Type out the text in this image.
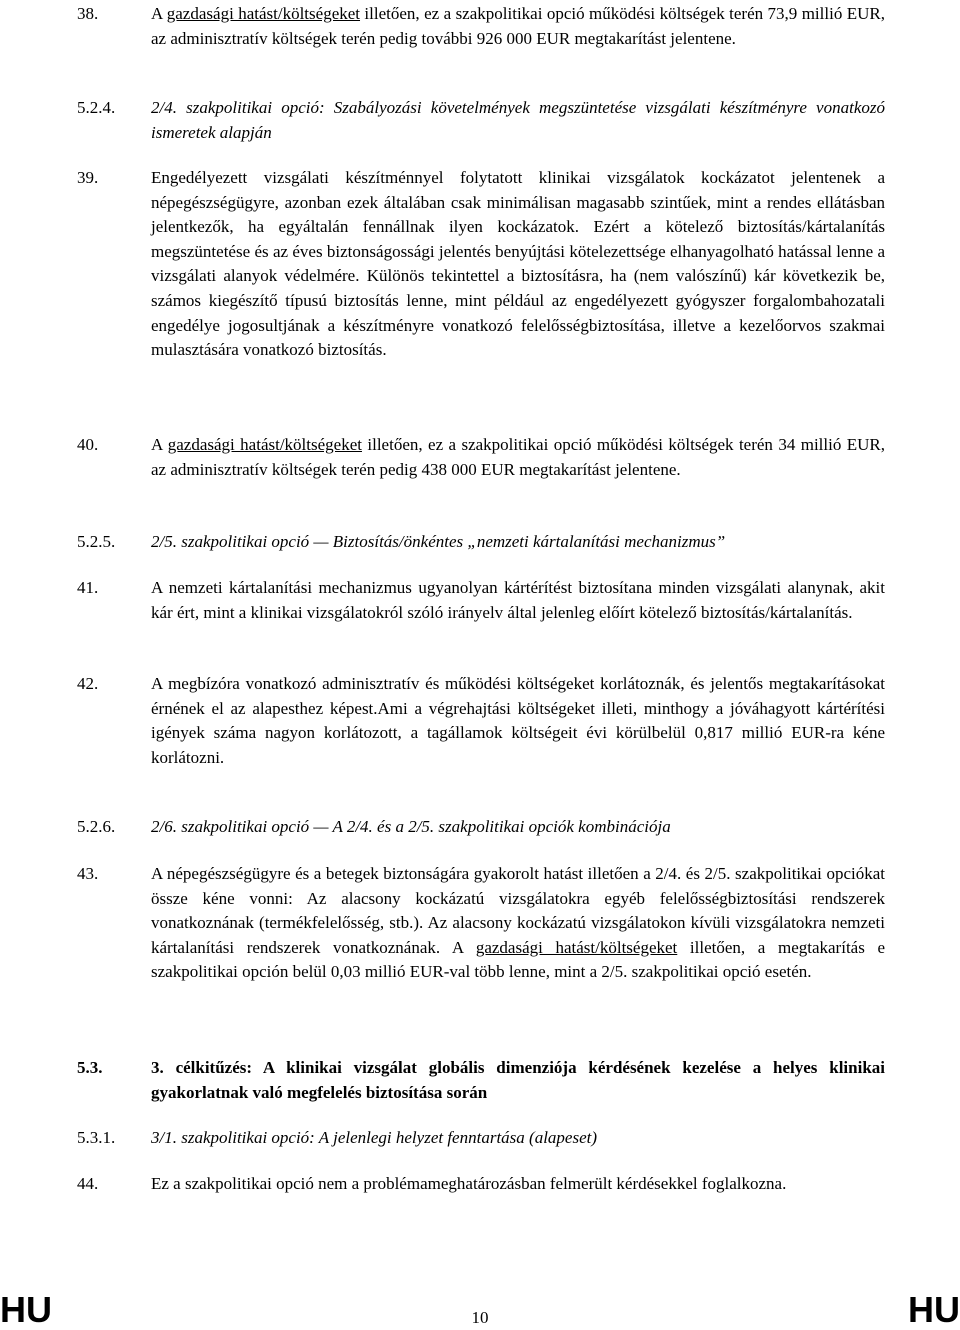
38.	A gazdasági hatást/költségeket illetően, ez a szakpolitikai opció működési költségek terén 73,9 millió EUR, az adminisztratív költségek terén pedig további 926 000 EUR megtakarítást jelentene.
5.2.4.	2/4. szakpolitikai opció: Szabályozási követelmények megszüntetése vizsgálati készítményre vonatkozó ismeretek alapján
39.	Engedélyezett vizsgálati készítménnyel folytatott klinikai vizsgálatok kockázatot jelentenek a népegészségügyre, azonban ezek általában csak minimálisan magasabb szintűek, mint a rendes ellátásban jelentkezők, ha egyáltalán fennállnak ilyen kockázatok. Ezért a kötelező biztosítás/kártalanítás megszüntetése és az éves biztonságossági jelentés benyújtási kötelezettsége elhanyagolható hatással lenne a vizsgálati alanyok védelmére. Különös tekintettel a biztosításra, ha (nem valószínű) kár következik be, számos kiegészítő típusú biztosítás lenne, mint például az engedélyezett gyógyszer forgalombahozatali engedélye jogosultjának a készítményre vonatkozó felelősségbiztosítása, illetve a kezelőorvos szakmai mulasztására vonatkozó biztosítás.
40.	A gazdasági hatást/költségeket illetően, ez a szakpolitikai opció működési költségek terén 34 millió EUR, az adminisztratív költségek terén pedig 438 000 EUR megtakarítást jelentene.
5.2.5.	2/5. szakpolitikai opció — Biztosítás/önkéntes „nemzeti kártalanítási mechanizmus”
41.	A nemzeti kártalanítási mechanizmus ugyanolyan kártérítést biztosítana minden vizsgálati alanynak, akit kár ért, mint a klinikai vizsgálatokról szóló irányelv által jelenleg előírt kötelező biztosítás/kártalanítás.
42.	A megbízóra vonatkozó adminisztratív és működési költségeket korlátoznák, és jelentős megtakarításokat érnének el az alapesthez képest.Ami a végrehajtási költségeket illeti, minthogy a jóváhagyott kártérítési igények száma nagyon korlátozott, a tagállamok költségeit évi körülbelül 0,817 millió EUR-ra kéne korlátozni.
5.2.6.	2/6. szakpolitikai opció — A 2/4. és a 2/5. szakpolitikai opciók kombinációja
43.	A népegészségügyre és a betegek biztonságára gyakorolt hatást illetően a 2/4. és 2/5. szakpolitikai opciókat össze kéne vonni: Az alacsony kockázatú vizsgálatokra egyéb felelősségbiztosítási rendszerek vonatkoznának (termékfelelősség, stb.). Az alacsony kockázatú vizsgálatokon kívüli vizsgálatokra nemzeti kártalanítási rendszerek vonatkoznának. A gazdasági hatást/költségeket illetően, a megtakarítás e szakpolitikai opción belül 0,03 millió EUR-val több lenne, mint a 2/5. szakpolitikai opció esetén.
5.3.	3. célkitűzés: A klinikai vizsgálat globális dimenziója kérdésének kezelése a helyes klinikai gyakorlatnak való megfelelés biztosítása során
5.3.1.	3/1. szakpolitikai opció: A jelenlegi helyzet fenntartása (alapeset)
44.	Ez a szakpolitikai opció nem a problémameghatározásban felmerült kérdésekkel foglalkozna.
HU	10	HU
